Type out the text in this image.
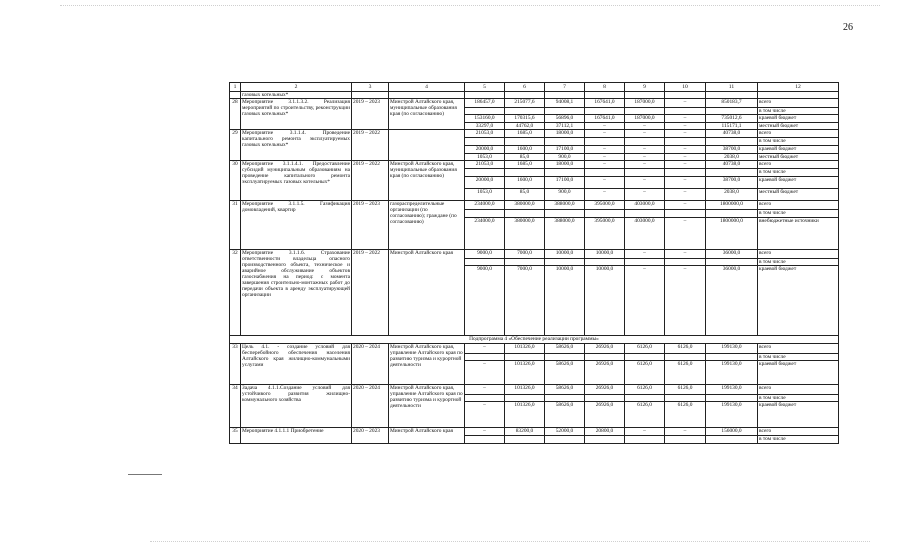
26
1	2	3	4	5	6	7	8	9	10	11	12
	газовых котельных*										
28	Мероприятие 3.1.1.3.2. Реализация мероприятий по строительству, реконструкции газовых котельных*	2019 – 2023	Минстрой Алтайского края, муниципальные образования края (по согласованию)	186457,0	215077,6	94008,1	167641,0	187000,0	–	850183,7	всего
											в том числе
				153160,0	170315,6	56896,0	167641,0	187000,0	–	735012,6	краевой бюджет
				33297,0	44762,0	37112,1	–	–	–	115171,1	местный бюджет
29	Мероприятие 3.1.1.4. Проведение капитального ремонта эксплуатируемых газовых котельных*	2019 – 2022		21053,0	1685,0	18000,0	–	–	–	40738,0	всего
											в том числе
				20000,0	1600,0	17100,0	–	–	–	38700,0	краевой бюджет
				1053,0	85,0	900,0	–	–	–	2038,0	местный бюджет
30	Мероприятие 3.1.1.4.1. Предоставление субсидий муниципальным образованиям на проведение капитального ремонта эксплуатируемых газовых котельных*	2019 – 2022	Минстрой Алтайского края, муниципальные образования края (по согласованию)	21053,0	1685,0	18000,0	–	–	–	40738,0	всего
											в том числе
				20000,0	1600,0	17100,0	–	–	–	38700,0	краевой бюджет
				1053,0	85,0	900,0	–	–	–	2038,0	местный бюджет
31	Мероприятие 3.1.1.5. Газификация домовладений, квартир	2019 – 2023	газораспределительные организации (по согласованию); граждане (по согласованию)	234000,0	380000,0	388000,0	395000,0	403000,0	–	1800000,0	всего
											в том числе
				234000,0	380000,0	388000,0	395000,0	403000,0	–	1800000,0	внебюджетные источники
32	Мероприятие 3.1.1.6. Страхование ответственности владельца опасного производственного объекта, техническое и аварийное обслуживание объектов газоснабжения на период: с момента завершения строительно-монтажных работ до передачи объекта в аренду эксплуатирующей организации	2019 – 2022	Минстрой Алтайского края	9000,0	7000,0	10000,0	10000,0	–	–	36000,0	всего
											в том числе
				9000,0	7000,0	10000,0	10000,0	–	–	36000,0	краевой бюджет
Подпрограмма 4 «Обеспечение реализации программы»											
33	Цель 4.1. - создание условий для бесперебойного обеспечения населения Алтайского края жилищно-коммунальными услугами	2020 – 2024	Минстрой Алтайского края, управление Алтайского края по развитию туризма и курортной деятельности	–	101326,0	58626,0	26926,0	6126,0	6126,0	199130,0	всего
											в том числе
				–	101326,0	58626,0	26926,0	6126,0	6126,0	199130,0	краевой бюджет
34	Задача 4.1.1.Создание условий для устойчивого развития жилищно-коммунального хозяйства	2020 – 2024	Минстрой Алтайского края, управление Алтайского края по развитию туризма и курортной деятельности	–	101326,0	58626,0	26926,0	6126,0	6126,0	199130,0	всего
											в том числе
				–	101326,0	58626,0	26926,0	6126,0	6126,0	199130,0	краевой бюджет
35	Мероприятие 4.1.1.1 Приобретение	2020 – 2023	Минстрой Алтайского края	–	83200,0	52000,0	20800,0	–	–	156000,0	всего
											в том числе
